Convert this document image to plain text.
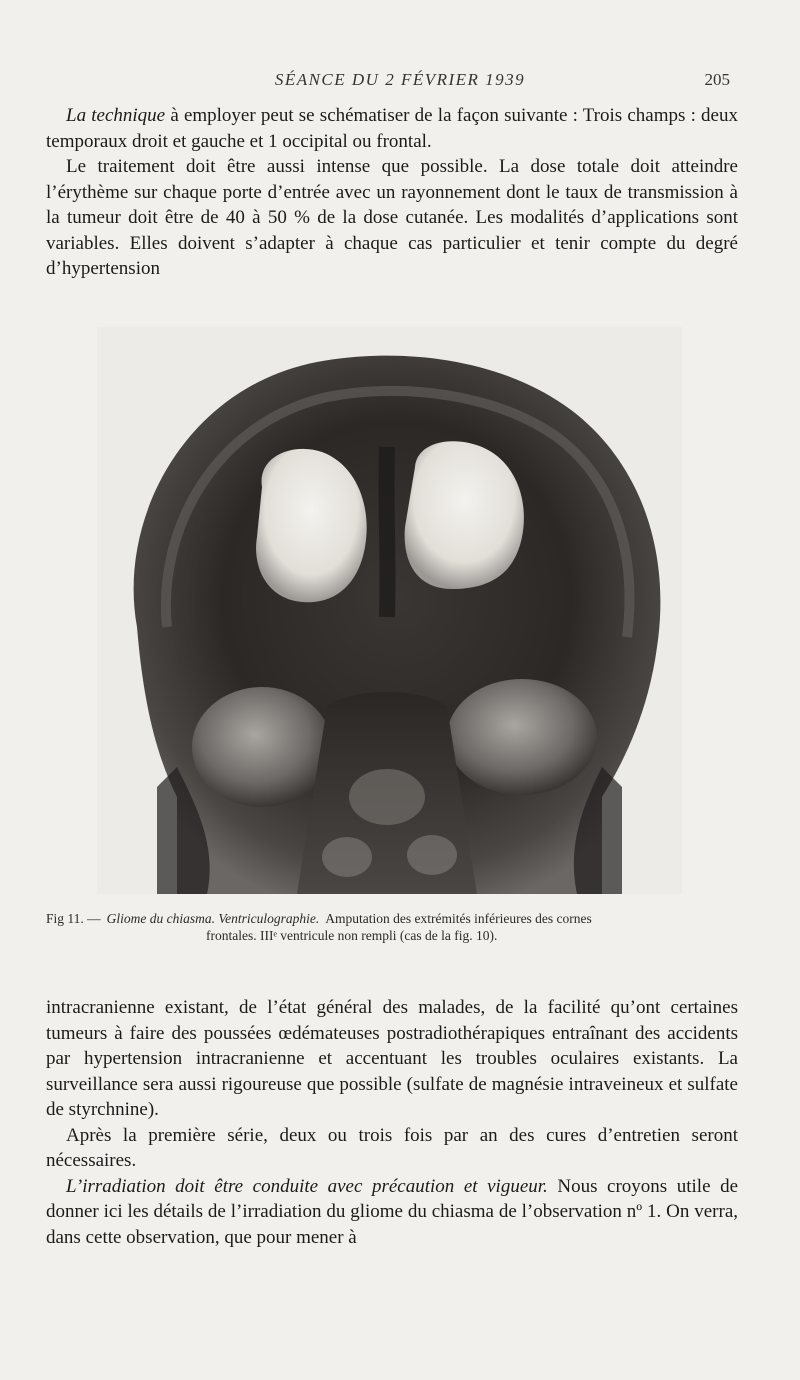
SÉANCE DU 2 FÉVRIER 1939	205

La technique à employer peut se schématiser de la façon suivante : Trois champs : deux temporaux droit et gauche et 1 occipital ou frontal.

Le traitement doit être aussi intense que possible. La dose totale doit atteindre l’érythème sur chaque porte d’entrée avec un rayonnement dont le taux de transmission à la tumeur doit être de 40 à 50 % de la dose cutanée. Les modalités d’applications sont variables. Elles doivent s’adapter à chaque cas particulier et tenir compte du degré d’hypertension

Fig 11. — Gliome du chiasma. Ventriculographie. Amputation des extrémités inférieures des cornes
frontales. IIIᵉ ventricule non rempli (cas de la fig. 10).

intracranienne existant, de l’état général des malades, de la facilité qu’ont certaines tumeurs à faire des poussées œdémateuses postradiothérapiques entraînant des accidents par hypertension intracranienne et accentuant les troubles oculaires existants. La surveillance sera aussi rigoureuse que possible (sulfate de magnésie intraveineux et sulfate de styrchnine).

Après la première série, deux ou trois fois par an des cures d’entretien seront nécessaires.

L’irradiation doit être conduite avec précaution et vigueur. Nous croyons utile de donner ici les détails de l’irradiation du gliome du chiasma de l’observation nº 1. On verra, dans cette observation, que pour mener à
